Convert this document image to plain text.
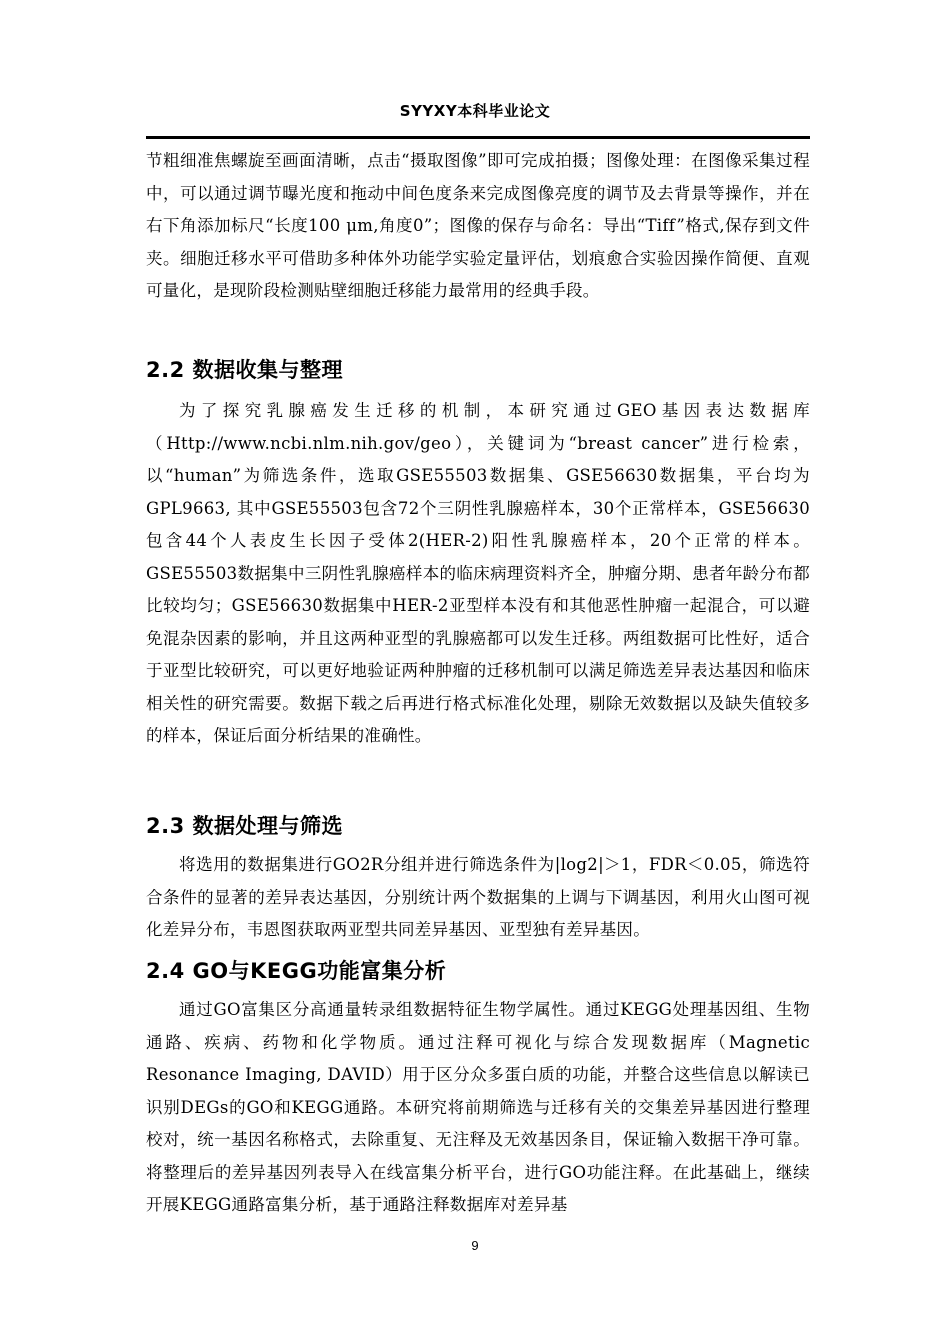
SYYXY本科毕业论文

节粗细准焦螺旋至画面清晰，点击“摄取图像”即可完成拍摄；图像处理：在图像采集过程中，可以通过调节曝光度和拖动中间色度条来完成图像亮度的调节及去背景等操作，并在右下角添加标尺“长度100 μm,角度0”；图像的保存与命名：导出“Tiff”格式,保存到文件夹。细胞迁移水平可借助多种体外功能学实验定量评估，划痕愈合实验因操作简便、直观可量化，是现阶段检测贴壁细胞迁移能力最常用的经典手段。

2.2 数据收集与整理

为了探究乳腺癌发生迁移的机制，本研究通过GEO基因表达数据库（Http://www.ncbi.nlm.nih.gov/geo），关键词为“breast cancer”进行检索，以“human”为筛选条件，选取GSE55503数据集、GSE56630数据集，平台均为GPL9663, 其中GSE55503包含72个三阴性乳腺癌样本，30个正常样本，GSE56630包含44个人表皮生长因子受体2(HER-2)阳性乳腺癌样本，20个正常的样本。GSE55503数据集中三阴性乳腺癌样本的临床病理资料齐全，肿瘤分期、患者年龄分布都比较均匀；GSE56630数据集中HER-2亚型样本没有和其他恶性肿瘤一起混合，可以避免混杂因素的影响，并且这两种亚型的乳腺癌都可以发生迁移。两组数据可比性好，适合于亚型比较研究，可以更好地验证两种肿瘤的迁移机制可以满足筛选差异表达基因和临床相关性的研究需要。数据下载之后再进行格式标准化处理，剔除无效数据以及缺失值较多的样本，保证后面分析结果的准确性。

2.3 数据处理与筛选

将选用的数据集进行GO2R分组并进行筛选条件为|log2|＞1，FDR＜0.05，筛选符合条件的显著的差异表达基因，分别统计两个数据集的上调与下调基因，利用火山图可视化差异分布，韦恩图获取两亚型共同差异基因、亚型独有差异基因。

2.4 GO与KEGG功能富集分析

通过GO富集区分高通量转录组数据特征生物学属性。通过KEGG处理基因组、生物通路、疾病、药物和化学物质。通过注释可视化与综合发现数据库（Magnetic Resonance Imaging, DAVID）用于区分众多蛋白质的功能，并整合这些信息以解读已识别DEGs的GO和KEGG通路。本研究将前期筛选与迁移有关的交集差异基因进行整理校对，统一基因名称格式，去除重复、无注释及无效基因条目，保证输入数据干净可靠。将整理后的差异基因列表导入在线富集分析平台，进行GO功能注释。在此基础上，继续开展KEGG通路富集分析，基于通路注释数据库对差异基

9
